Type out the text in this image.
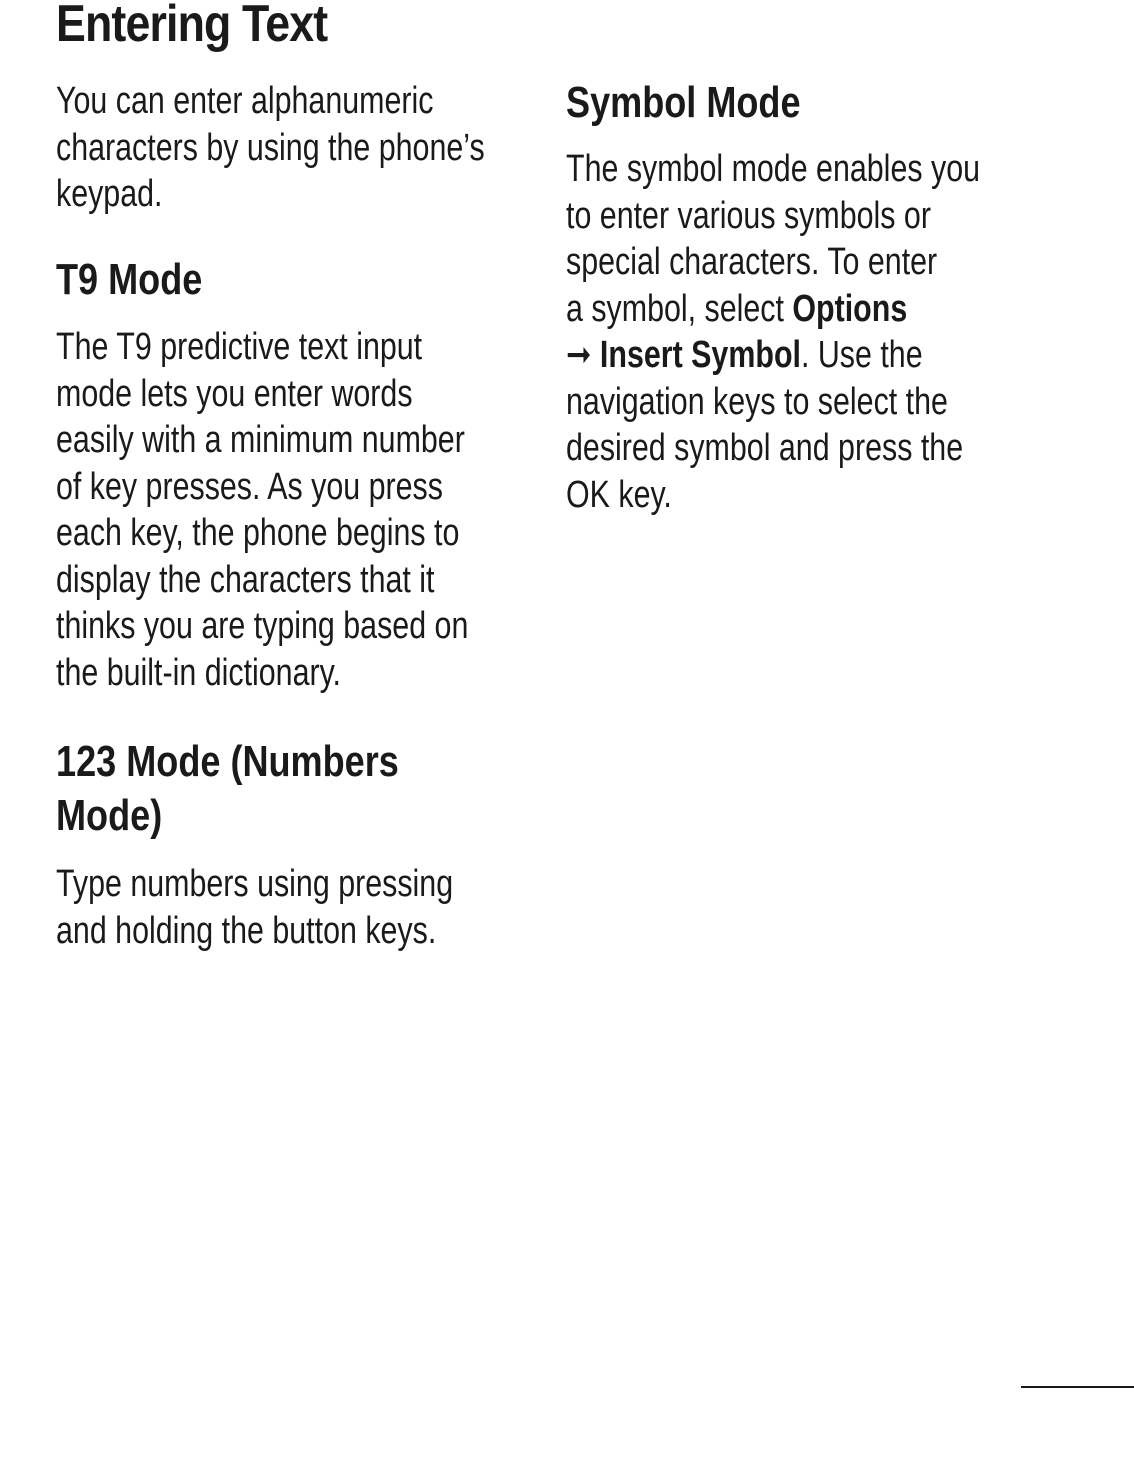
Entering Text

You can enter alphanumeric
characters by using the phone’s
keypad.

T9 Mode

The T9 predictive text input
mode lets you enter words
easily with a minimum number
of key presses. As you press
each key, the phone begins to
display the characters that it
thinks you are typing based on
the built-in dictionary.

123 Mode (Numbers
Mode)

Type numbers using pressing
and holding the button keys.

Symbol Mode

The symbol mode enables you
to enter various symbols or
special characters. To enter
a symbol, select Options
➞ Insert Symbol. Use the
navigation keys to select the
desired symbol and press the
OK key.
